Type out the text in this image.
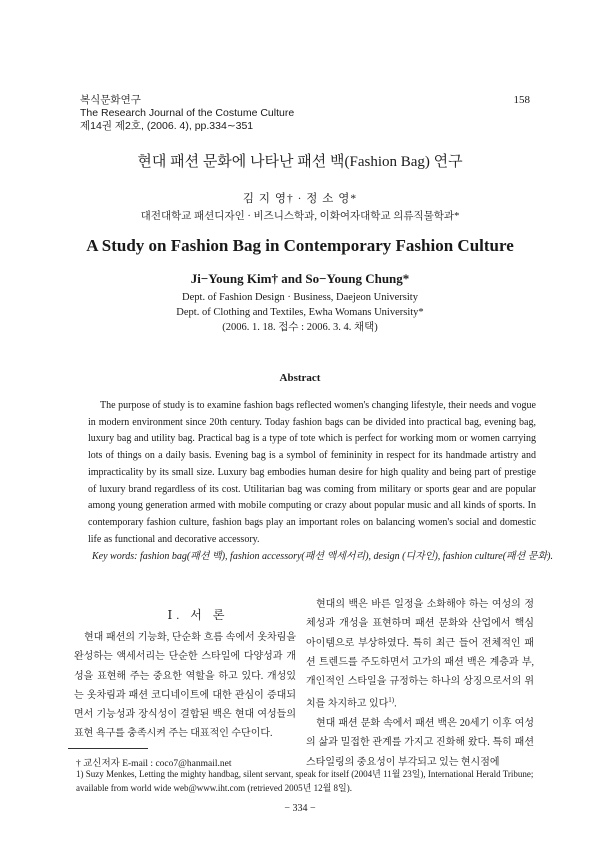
복식문화연구
The Research Journal of the Costume Culture
제14권 제2호, (2006. 4), pp.334∼351
158
현대 패션 문화에 나타난 패션 백(Fashion Bag) 연구
김 지 영† · 정 소 영*
대전대학교 패션디자인 · 비즈니스학과, 이화여자대학교 의류직물학과*
A Study on Fashion Bag in Contemporary Fashion Culture
Ji−Young Kim† and So−Young Chung*
Dept. of Fashion Design · Business, Daejeon University
Dept. of Clothing and Textiles, Ewha Womans University*
(2006. 1. 18. 접수 : 2006. 3. 4. 채택)
Abstract
The purpose of study is to examine fashion bags reflected women's changing lifestyle, their needs and vogue in modern environment since 20th century. Today fashion bags can be divided into practical bag, evening bag, luxury bag and utility bag. Practical bag is a type of tote which is perfect for working mom or women carrying lots of things on a daily basis. Evening bag is a symbol of femininity in respect for its handmade artistry and impracticality by its small size. Luxury bag embodies human desire for high quality and being part of prestige of luxury brand regardless of its cost. Utilitarian bag was coming from military or sports gear and are popular among young generation armed with mobile computing or crazy about popular music and all kinds of sports. In contemporary fashion culture, fashion bags play an important roles on balancing women's social and domestic life as functional and decorative accessory.
Key words: fashion bag(패션 백), fashion accessory(패션 액세서리), design (디자인), fashion culture(패션 문화).
Ⅰ. 서 론
현대 패션의 기능화, 단순화 흐름 속에서 옷차림을 완성하는 액세서리는 단순한 스타일에 다양성과 개성을 표현해 주는 중요한 역할을 하고 있다. 개성있는 옷차림과 패션 코디네이트에 대한 관심이 증대되면서 기능성과 장식성이 결합된 백은 현대 여성들의 표현 욕구를 충족시켜 주는 대표적인 수단이다.

현대의 백은 바른 일정을 소화해야 하는 여성의 정체성과 개성을 표현하며 패션 문화와 산업에서 핵심 아이템으로 부상하였다. 특히 최근 들어 전체적인 패션 트렌드를 주도하면서 고가의 패션 백은 계층과 부, 개인적인 스타일을 규정하는 하나의 상징으로서의 위치를 차지하고 있다$^{1)}$.

현대 패션 문화 속에서 패션 백은 20세기 이후 여성의 삶과 밀접한 관계를 가지고 진화해 왔다. 특히 패션 스타일링의 중요성이 부각되고 있는 현시점에

† 교신저자 E-mail : coco7@hanmail.net
1) Suzy Menkes, Letting the mighty handbag, silent servant, speak for itself (2004년 11월 23일), International Herald Tribune; available from world wide web@www.iht.com (retrieved 2005년 12월 8일).
− 334 −
